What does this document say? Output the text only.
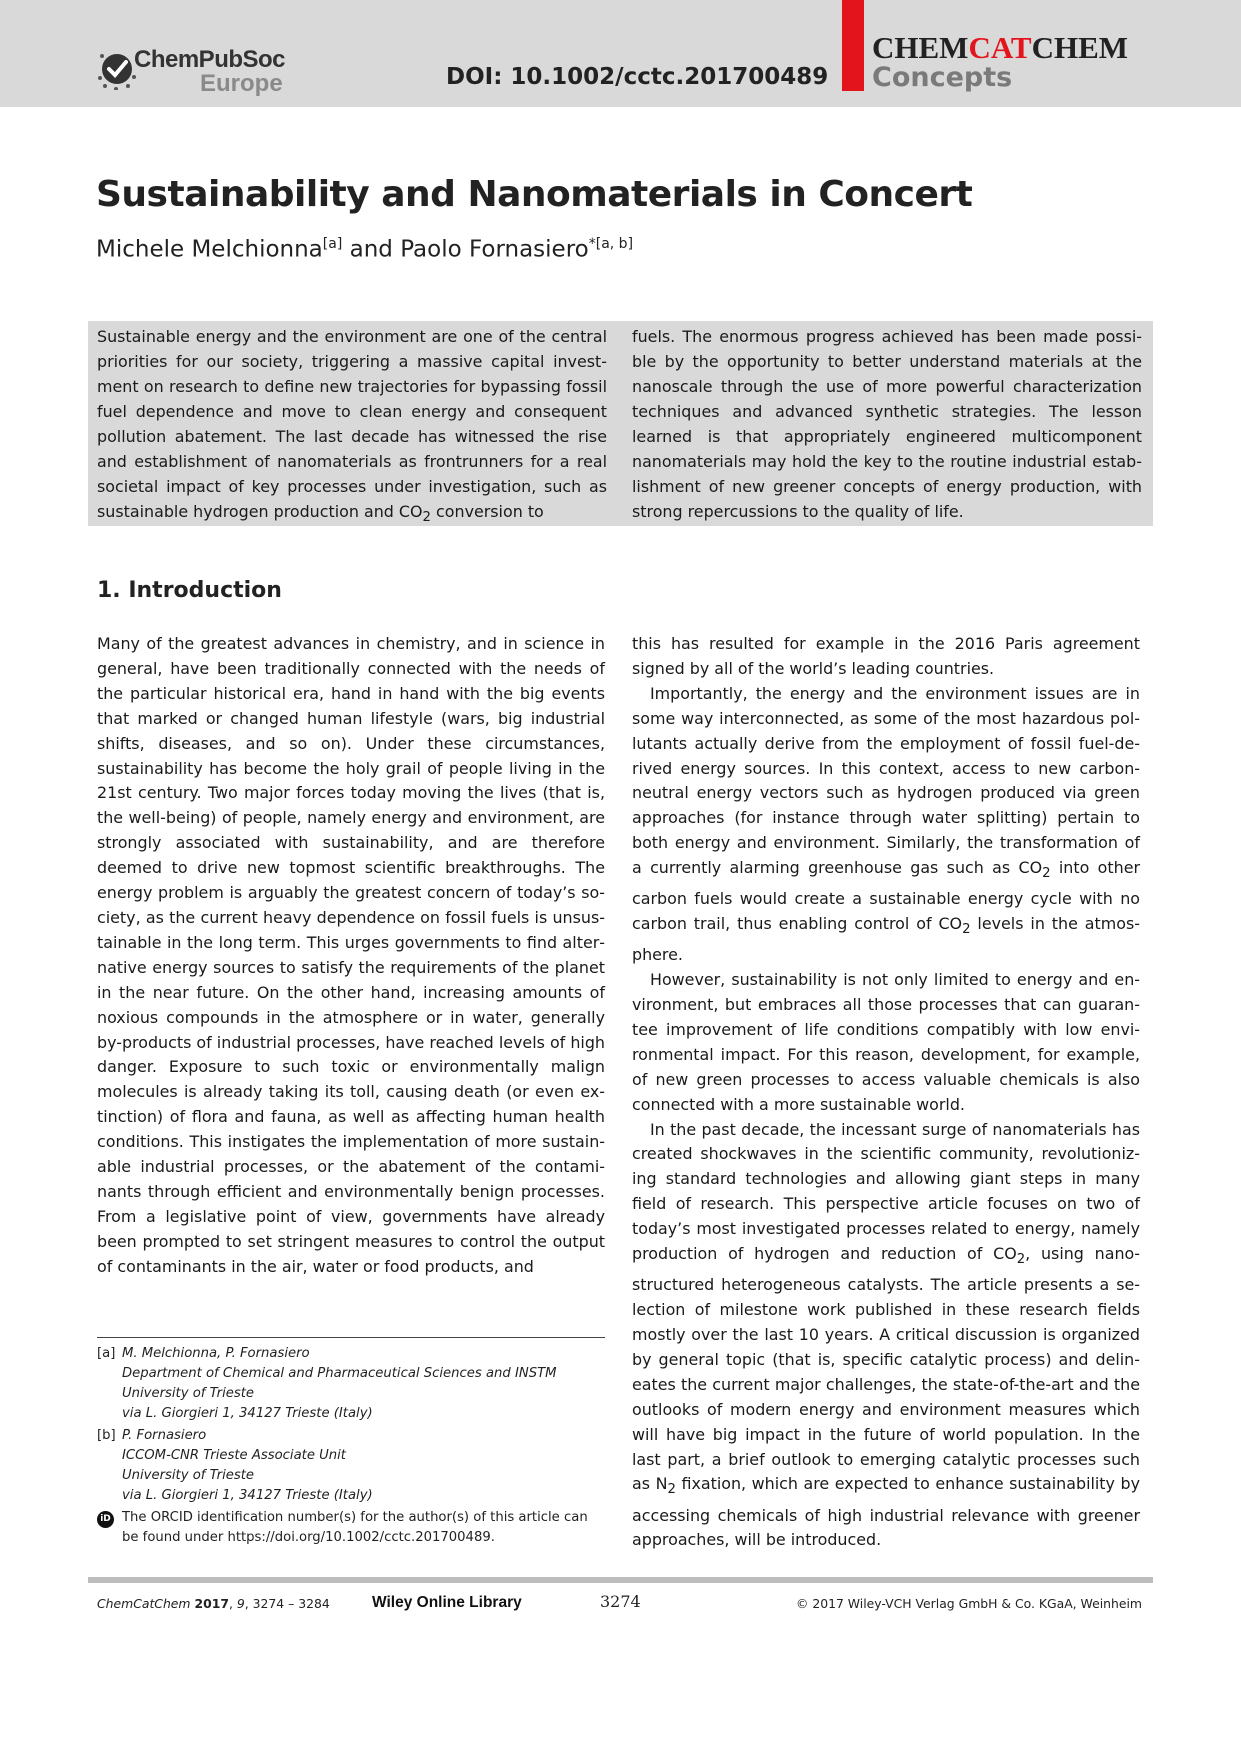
ChemPubSoc
Europe	DOI: 10.1002/cctc.201700489
CHEMCATCHEM
Concepts
Sustainability and Nanomaterials in Concert
Michele Melchionna[a] and Paolo Fornasiero$^{*[a, b]}$
Sustainable energy and the environment are one of the central priorities for our society, triggering a massive capital investment on research to define new trajectories for bypassing fossil fuel dependence and move to clean energy and consequent pollution abatement. The last decade has witnessed the rise and establishment of nanomaterials as frontrunners for a real societal impact of key processes under investigation, such as sustainable hydrogen production and $CO_2$ conversion to
fuels. The enormous progress achieved has been made possible by the opportunity to better understand materials at the nanoscale through the use of more powerful characterization techniques and advanced synthetic strategies. The lesson learned is that appropriately engineered multicomponent nanomaterials may hold the key to the routine industrial establishment of new greener concepts of energy production, with strong repercussions to the quality of life.
1. Introduction

Many of the greatest advances in chemistry, and in science in general, have been traditionally connected with the needs of the particular historical era, hand in hand with the big events that marked or changed human lifestyle (wars, big industrial shifts, diseases, and so on). Under these circumstances, sustainability has become the holy grail of people living in the 21st century. Two major forces today moving the lives (that is, the well-being) of people, namely energy and environment, are strongly associated with sustainability, and are therefore deemed to drive new topmost scientific breakthroughs. The energy problem is arguably the greatest concern of today’s society, as the current heavy dependence on fossil fuels is unsustainable in the long term. This urges governments to find alternative energy sources to satisfy the requirements of the planet in the near future. On the other hand, increasing amounts of noxious compounds in the atmosphere or in water, generally by-products of industrial processes, have reached levels of high danger. Exposure to such toxic or environmentally malign molecules is already taking its toll, causing death (or even extinction) of flora and fauna, as well as affecting human health conditions. This instigates the implementation of more sustainable industrial processes, or the abatement of the contaminants through efficient and environmentally benign processes. From a legislative point of view, governments have already been prompted to set stringent measures to control the output of contaminants in the air, water or food products, and

this has resulted for example in the 2016 Paris agreement signed by all of the world’s leading countries.

Importantly, the energy and the environment issues are in some way interconnected, as some of the most hazardous pollutants actually derive from the employment of fossil fuel-derived energy sources. In this context, access to new carbon-neutral energy vectors such as hydrogen produced via green approaches (for instance through water splitting) pertain to both energy and environment. Similarly, the transformation of a currently alarming greenhouse gas such as $CO_2$ into other carbon fuels would create a sustainable energy cycle with no carbon trail, thus enabling control of $CO_2$ levels in the atmosphere.

However, sustainability is not only limited to energy and environment, but embraces all those processes that can guarantee improvement of life conditions compatibly with low environmental impact. For this reason, development, for example, of new green processes to access valuable chemicals is also connected with a more sustainable world.

In the past decade, the incessant surge of nanomaterials has created shockwaves in the scientific community, revolutionizing standard technologies and allowing giant steps in many field of research. This perspective article focuses on two of today’s most investigated processes related to energy, namely production of hydrogen and reduction of $CO_2$, using nanostructured heterogeneous catalysts. The article presents a selection of milestone work published in these research fields mostly over the last 10 years. A critical discussion is organized by general topic (that is, specific catalytic process) and delineates the current major challenges, the state-of-the-art and the outlooks of modern energy and environment measures which will have big impact in the future of world population. In the last part, a brief outlook to emerging catalytic processes such as $N_2$ fixation, which are expected to enhance sustainability by accessing chemicals of high industrial relevance with greener approaches, will be introduced.

[a] M. Melchionna, P. Fornasiero
Department of Chemical and Pharmaceutical Sciences and INSTM
University of Trieste
via L. Giorgieri 1, 34127 Trieste (Italy)
[b] P. Fornasiero
ICCOM-CNR Trieste Associate Unit
University of Trieste
via L. Giorgieri 1, 34127 Trieste (Italy)
iD The ORCID identification number(s) for the author(s) of this article can be found under https://doi.org/10.1002/cctc.201700489.
ChemCatChem 2017, 9, 3274 – 3284	Wiley Online Library	3274	© 2017 Wiley-VCH Verlag GmbH & Co. KGaA, Weinheim
